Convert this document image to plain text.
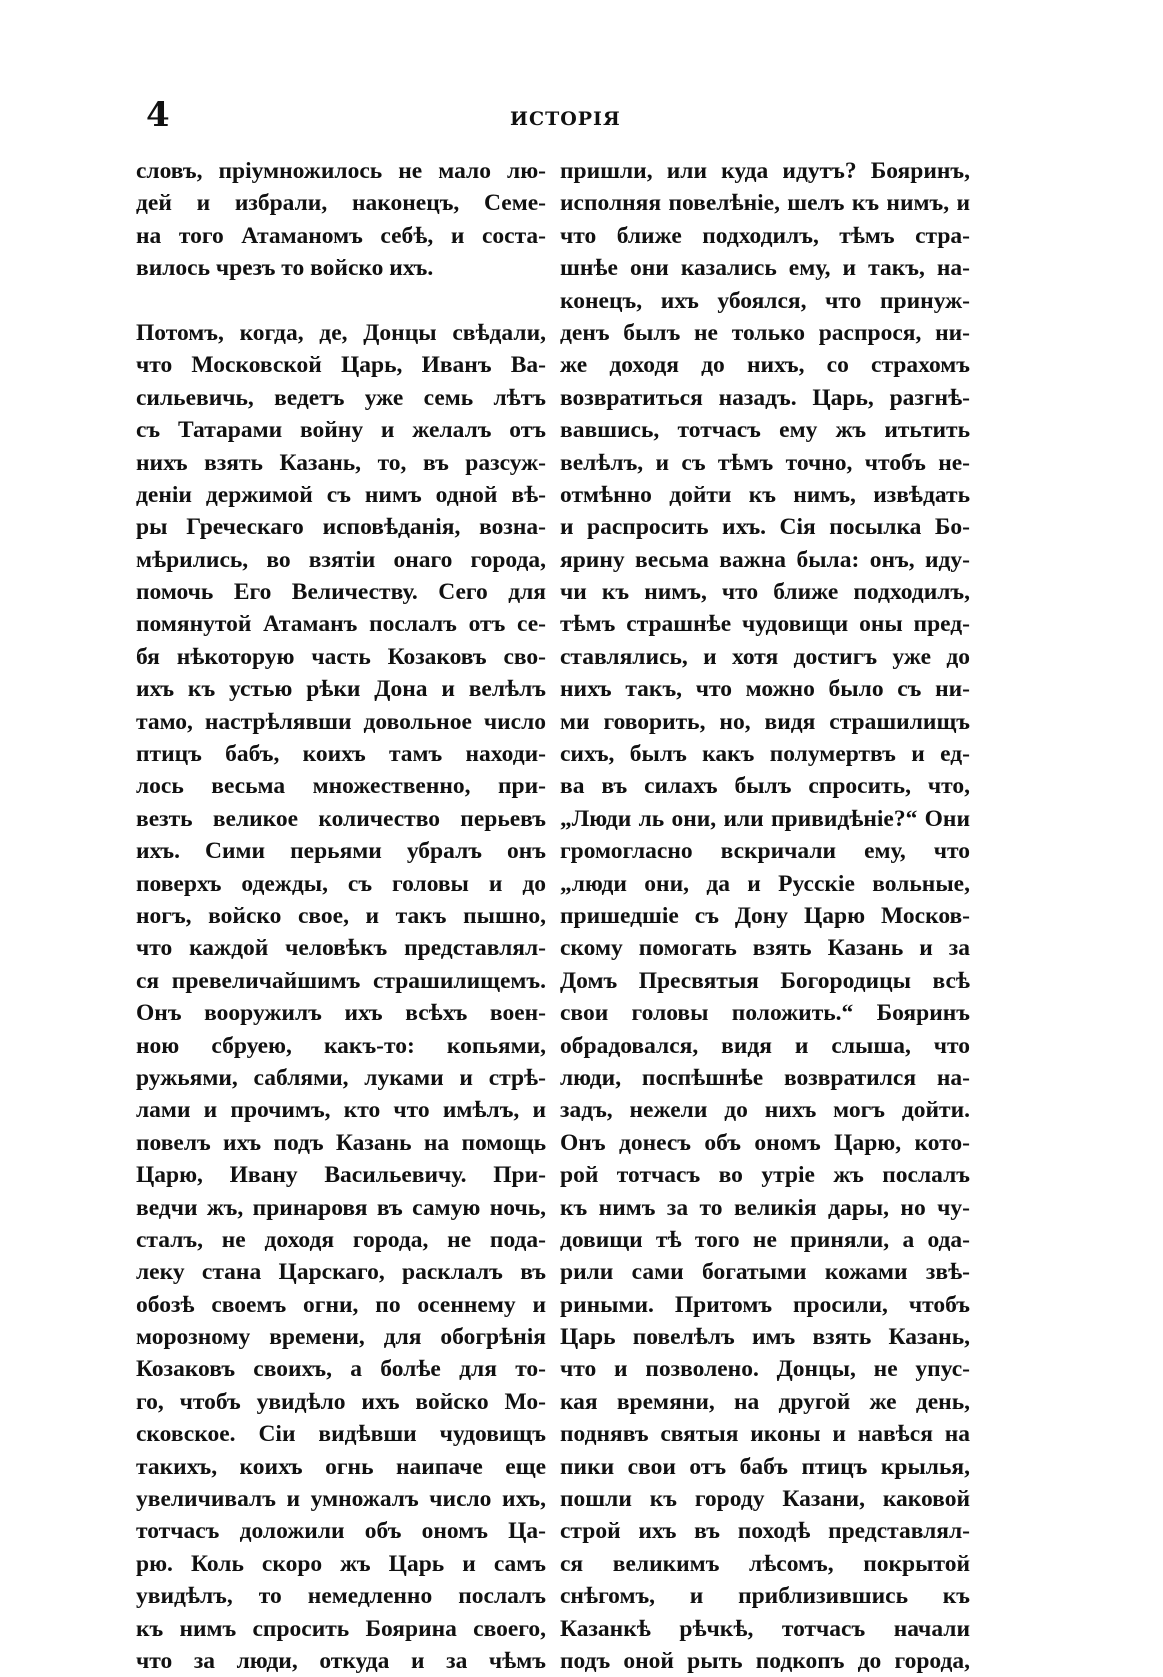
4	ИСТОРІЯ
словъ, пріумножилось не мало лю-
дей и избрали, наконецъ, Семе-
на того Атаманомъ себѣ, и соста-
вилось чрезъ то войско ихъ.
Потомъ, когда, де, Донцы свѣдали,
что Московской Царь, Иванъ Ва-
сильевичь, ведетъ уже семь лѣтъ
съ Татарами войну и желалъ отъ
нихъ взять Казань, то, въ разсуж-
деніи держимой съ нимъ одной вѣ-
ры Греческаго исповѣданія, возна-
мѣрились, во взятіи онаго города,
помочь Его Величеству. Сего для
помянутой Атаманъ послалъ отъ се-
бя нѣкоторую часть Козаковъ сво-
ихъ къ устью рѣки Дона и велѣлъ
тамо, настрѣлявши довольное число
птицъ бабъ, коихъ тамъ находи-
лось весьма множественно, при-
везть великое количество перьевъ
ихъ. Сими перьями убралъ онъ
поверхъ одежды, съ головы и до
ногъ, войско свое, и такъ пышно,
что каждой человѣкъ представлял-
ся превеличайшимъ страшилищемъ.
Онъ вооружилъ ихъ всѣхъ воен-
ною сбруею, какъ-то: копьями,
ружьями, саблями, луками и стрѣ-
лами и прочимъ, кто что имѣлъ, и
повелъ ихъ подъ Казань на помощь
Царю, Ивану Васильевичу. При-
ведчи жъ, принаровя въ самую ночь,
сталъ, не доходя города, не пода-
леку стана Царскаго, расклалъ въ
обозѣ своемъ огни, по осеннему и
морозному времени, для обогрѣнія
Козаковъ своихъ, а болѣе для то-
го, чтобъ увидѣло ихъ войско Мо-
сковское. Сіи видѣвши чудовищъ
такихъ, коихъ огнь наипаче еще
увеличивалъ и умножалъ число ихъ,
тотчасъ доложили объ ономъ Ца-
рю. Коль скоро жъ Царь и самъ
увидѣлъ, то немедленно послалъ
къ нимъ спросить Боярина своего,
что за люди, откуда и за чѣмъ
пришли, или куда идутъ? Бояринъ,
исполняя повелѣніе, шелъ къ нимъ, и
что ближе подходилъ, тѣмъ стра-
шнѣе они казались ему, и такъ, на-
конецъ, ихъ убоялся, что принуж-
денъ былъ не только распрося, ни-
же доходя до нихъ, со страхомъ
возвратиться назадъ. Царь, разгнѣ-
вавшись, тотчасъ ему жъ итьтить
велѣлъ, и съ тѣмъ точно, чтобъ не-
отмѣнно дойти къ нимъ, извѣдать
и распросить ихъ. Сія посылка Бо-
ярину весьма важна была: онъ, иду-
чи къ нимъ, что ближе подходилъ,
тѣмъ страшнѣе чудовищи оны пред-
ставлялись, и хотя достигъ уже до
нихъ такъ, что можно было съ ни-
ми говорить, но, видя страшилищъ
сихъ, былъ какъ полумертвъ и ед-
ва въ силахъ былъ спросить, что,
„Люди ль они, или привидѣніе?“ Они
громогласно вскричали ему, что
„люди они, да и Русскіе вольные,
пришедшіе съ Дону Царю Москов-
скому помогать взять Казань и за
Домъ Пресвятыя Богородицы всѣ
свои головы положить.“ Бояринъ
обрадовался, видя и слыша, что
люди, поспѣшнѣе возвратился на-
задъ, нежели до нихъ могъ дойти.
Онъ донесъ объ ономъ Царю, кото-
рой тотчасъ во утріе жъ послалъ
къ нимъ за то великія дары, но чу-
довищи тѣ того не приняли, а ода-
рили сами богатыми кожами звѣ-
риными. Притомъ просили, чтобъ
Царь повелѣлъ имъ взять Казань,
что и позволено. Донцы, не упус-
кая времяни, на другой же день,
поднявъ святыя иконы и навѣся на
пики свои отъ бабъ птицъ крылья,
пошли къ городу Казани, каковой
строй ихъ въ походѣ представлял-
ся великимъ лѣсомъ, покрытой
снѣгомъ, и приблизившись къ
Казанкѣ рѣчкѣ, тотчасъ начали
подъ оной рыть подкопъ до города,
